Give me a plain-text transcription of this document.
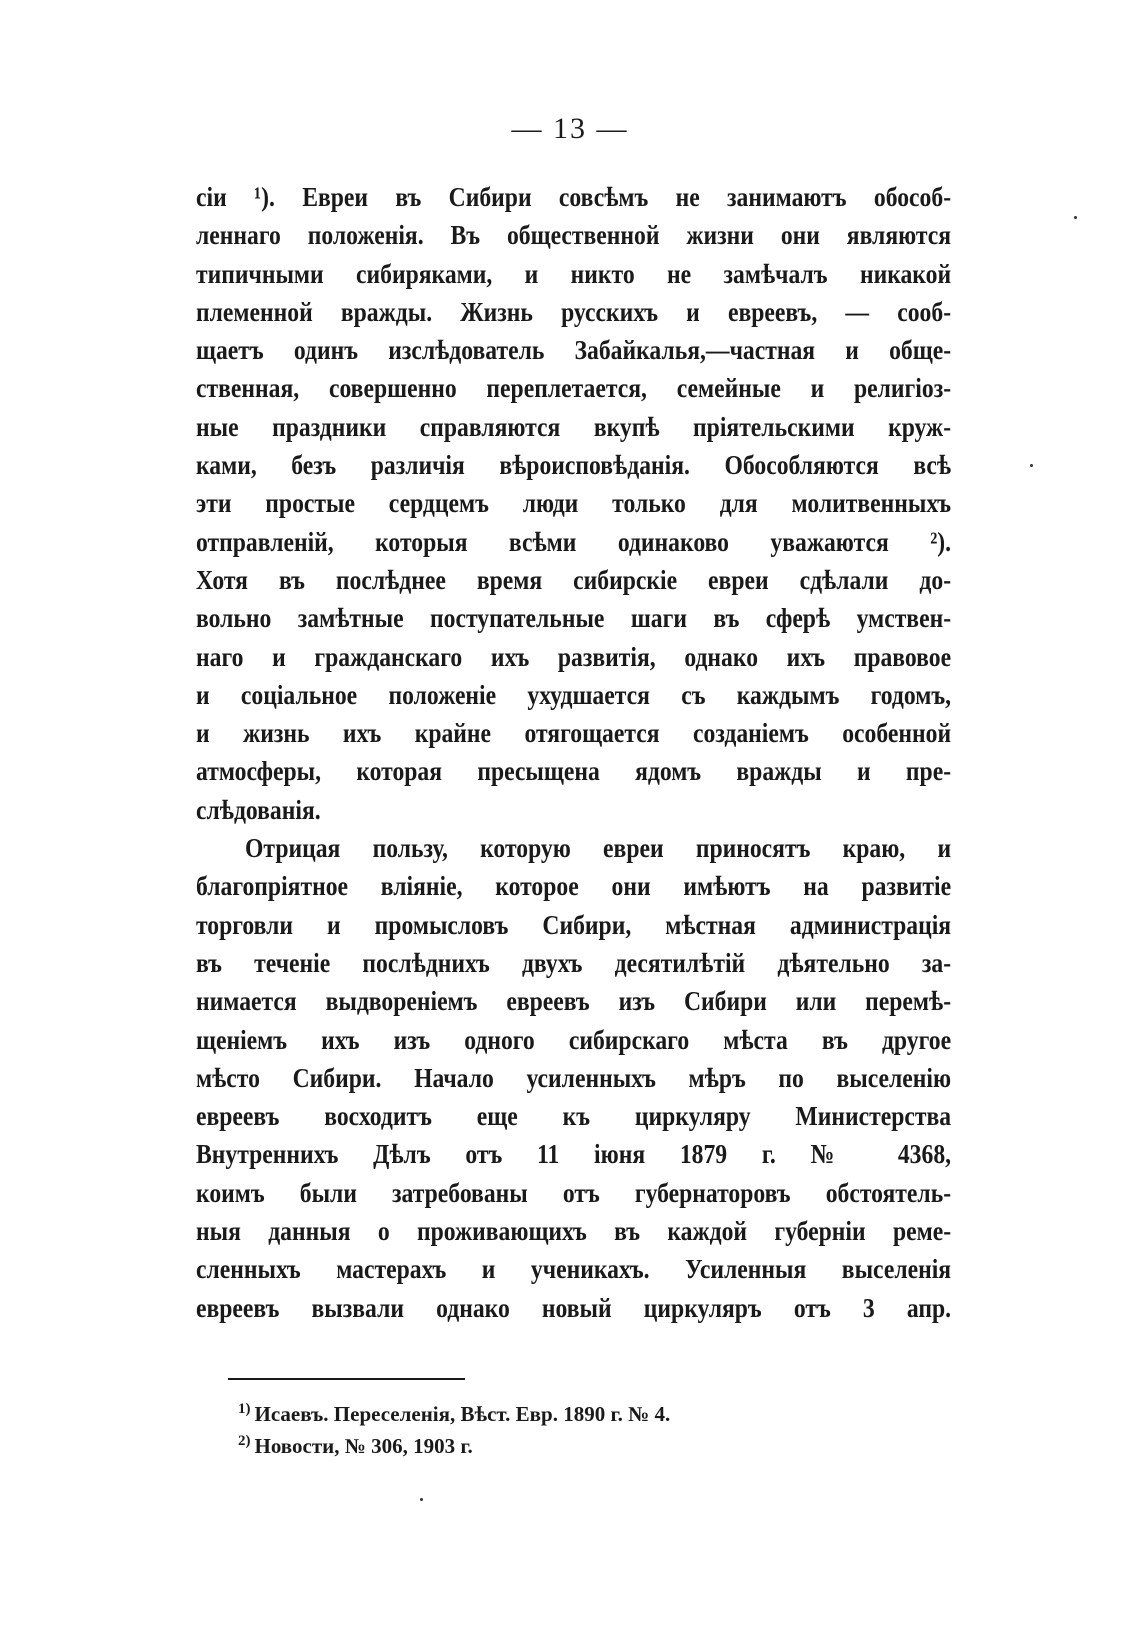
— 13 —
сіи ¹). Евреи въ Сибири совсѣмъ не занимаютъ обособ-
леннаго положенія. Въ общественной жизни они являются
типичными сибиряками, и никто не замѣчалъ никакой
племенной вражды. Жизнь русскихъ и евреевъ, — сооб-
щаетъ одинъ изслѣдователь Забайкалья,—частная и обще-
ственная, совершенно переплетается, семейные и религіоз-
ные праздники справляются вкупѣ пріятельскими круж-
ками, безъ различія вѣроисповѣданія. Обособляются всѣ
эти простые сердцемъ люди только для молитвенныхъ
отправленій, которыя всѣми одинаково уважаются ²).
Хотя въ послѣднее время сибирскіе евреи сдѣлали до-
вольно замѣтные поступательные шаги въ сферѣ умствен-
наго и гражданскаго ихъ развитія, однако ихъ правовое
и соціальное положеніе ухудшается съ каждымъ годомъ,
и жизнь ихъ крайне отягощается созданіемъ особенной
атмосферы, которая пресыщена ядомъ вражды и пре-
слѣдованія.
Отрицая пользу, которую евреи приносятъ краю, и
благопріятное вліяніе, которое они имѣютъ на развитіе
торговли и промысловъ Сибири, мѣстная администрація
въ теченіе послѣднихъ двухъ десятилѣтій дѣятельно за-
нимается выдвореніемъ евреевъ изъ Сибири или перемѣ-
щеніемъ ихъ изъ одного сибирскаго мѣста въ другое
мѣсто Сибири. Начало усиленныхъ мѣръ по выселенію
евреевъ восходитъ еще къ циркуляру Министерства
Внутреннихъ Дѣлъ отъ 11 іюня 1879 г. № 4368,
коимъ были затребованы отъ губернаторовъ обстоятель-
ныя данныя о проживающихъ въ каждой губерніи реме-
сленныхъ мастерахъ и ученикахъ. Усиленныя выселенія
евреевъ вызвали однако новый циркуляръ отъ 3 апр.
$^{1)}$ Исаевъ. Переселенія, Вѣст. Евр. 1890 г. № 4.
$^{2)}$ Новости, № 306, 1903 г.
